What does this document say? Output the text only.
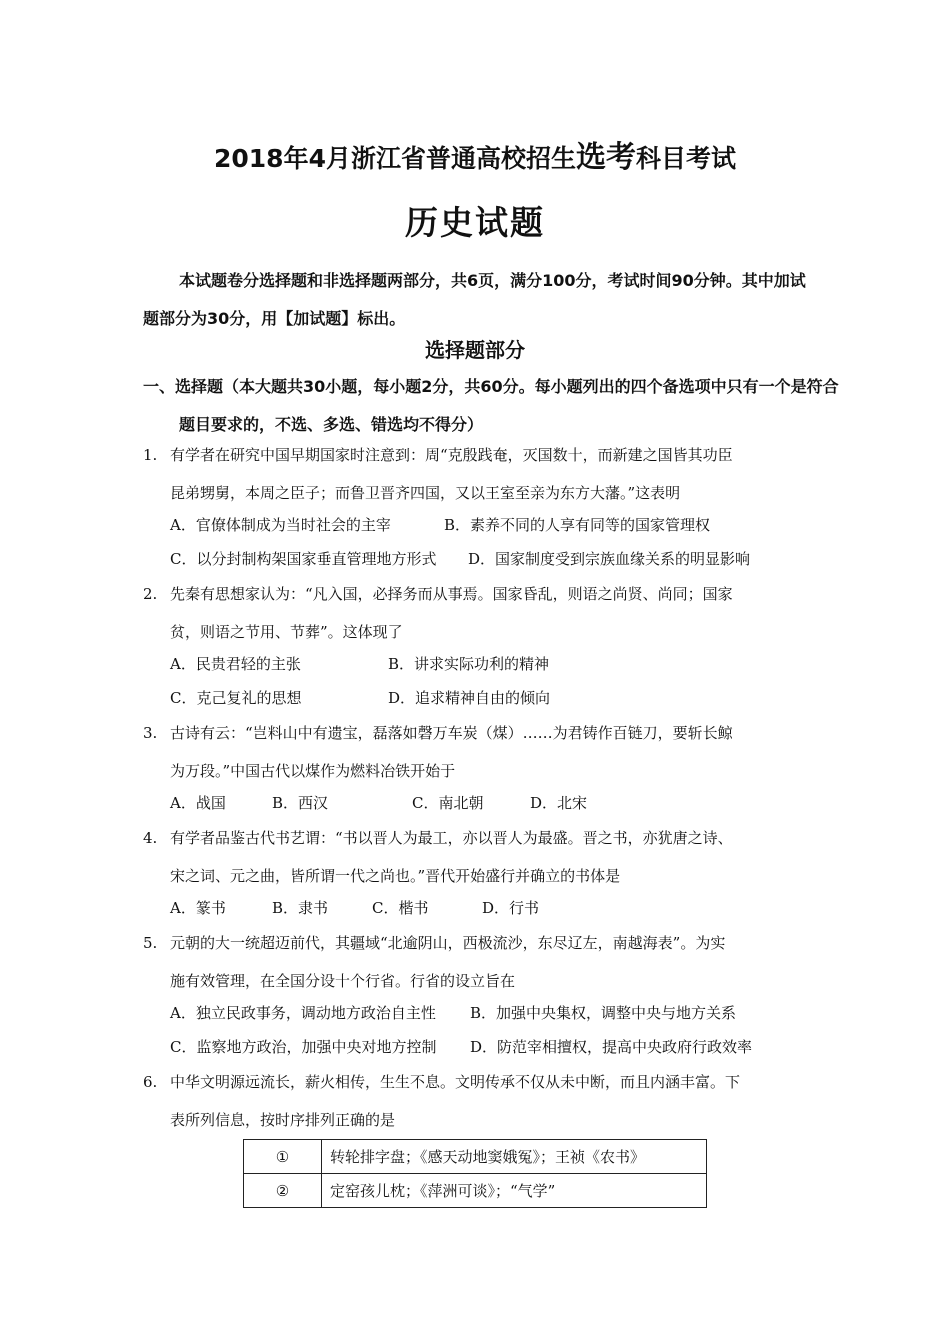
2018年4月浙江省普通高校招生选考科目考试
历史试题
本试题卷分选择题和非选择题两部分，共6页，满分100分，考试时间90分钟。其中加试题部分为30分，用【加试题】标出。
选择题部分
一、选择题（本大题共30小题，每小题2分，共60分。每小题列出的四个备选项中只有一个是符合题目要求的，不选、多选、错选均不得分）
1. 有学者在研究中国早期国家时注意到：周“克殷践奄，灭国数十，而新建之国皆其功臣
昆弟甥舅，本周之臣子；而鲁卫晋齐四国，又以王室至亲为东方大藩。”这表明
A．官僚体制成为当时社会的主宰	B．素养不同的人享有同等的国家管理权
C．以分封制构架国家垂直管理地方形式 D．国家制度受到宗族血缘关系的明显影响
2. 先秦有思想家认为：“凡入国，必择务而从事焉。国家昏乱，则语之尚贤、尚同；国家
贫，则语之节用、节葬”。这体现了
A．民贵君轻的主张	B．讲求实际功利的精神
C．克己复礼的思想	D．追求精神自由的倾向
3. 古诗有云：“岂料山中有遗宝，磊落如磬万车炭（煤）……为君铸作百链刀，要斩长鲸
为万段。”中国古代以煤作为燃料冶铁开始于
A．战国	B．西汉	C．南北朝	D．北宋
4. 有学者品鉴古代书艺谓：“书以晋人为最工，亦以晋人为最盛。晋之书，亦犹唐之诗、
宋之词、元之曲，皆所谓一代之尚也。”晋代开始盛行并确立的书体是
A．篆书	B．隶书	C．楷书	D．行书
5. 元朝的大一统超迈前代，其疆域“北逾阴山，西极流沙，东尽辽左，南越海表”。为实
施有效管理，在全国分设十个行省。行省的设立旨在
A．独立民政事务，调动地方政治自主性 B．加强中央集权，调整中央与地方关系
C．监察地方政治，加强中央对地方控制 D．防范宰相擅权，提高中央政府行政效率
6. 中华文明源远流长，薪火相传，生生不息。文明传承不仅从未中断，而且内涵丰富。下
表所列信息，按时序排列正确的是
①	转轮排字盘；《感天动地窦娥冤》；王祯《农书》
②	定窑孩儿枕；《萍洲可谈》；“气学”
